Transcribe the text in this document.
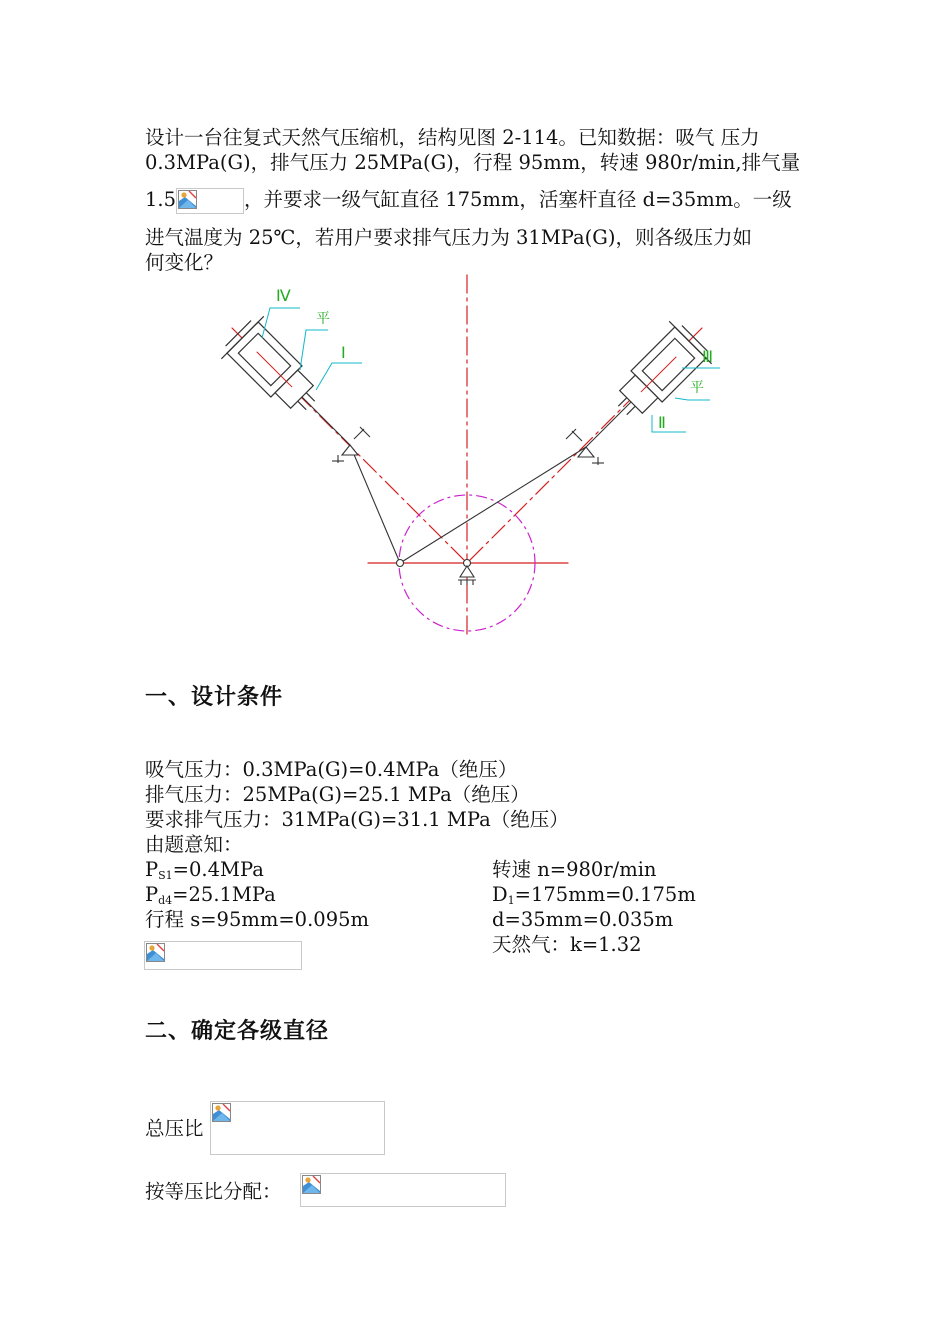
设计一台往复式天然气压缩机，结构见图 2-114。已知数据：吸气 压力
0.3MPa(G)，排气压力 25MPa(G)，行程 95mm，转速 980r/min,排气量
1.5	，并要求一级气缸直径 175mm，活塞杆直径 d=35mm。一级
进气温度为 25℃，若用户要求排气压力为 31MPa(G)，则各级压力如
何变化？
Ⅳ
平
Ⅰ	Ⅲ
平
Ⅱ
一、设计条件
吸气压力：0.3MPa(G)=0.4MPa（绝压）
排气压力：25MPa(G)=25.1 MPa（绝压）
要求排气压力：31MPa(G)=31.1 MPa（绝压）
由题意知：
$P_{S1}=0.4MPa$
$P_{d4}=25.1MPa$
行程 s=95mm=0.095m
转速 n=980r/min
$D_1=175mm=0.175m$
d=35mm=0.035m
天然气：k=1.32
二、确定各级直径
总压比
按等压比分配：
